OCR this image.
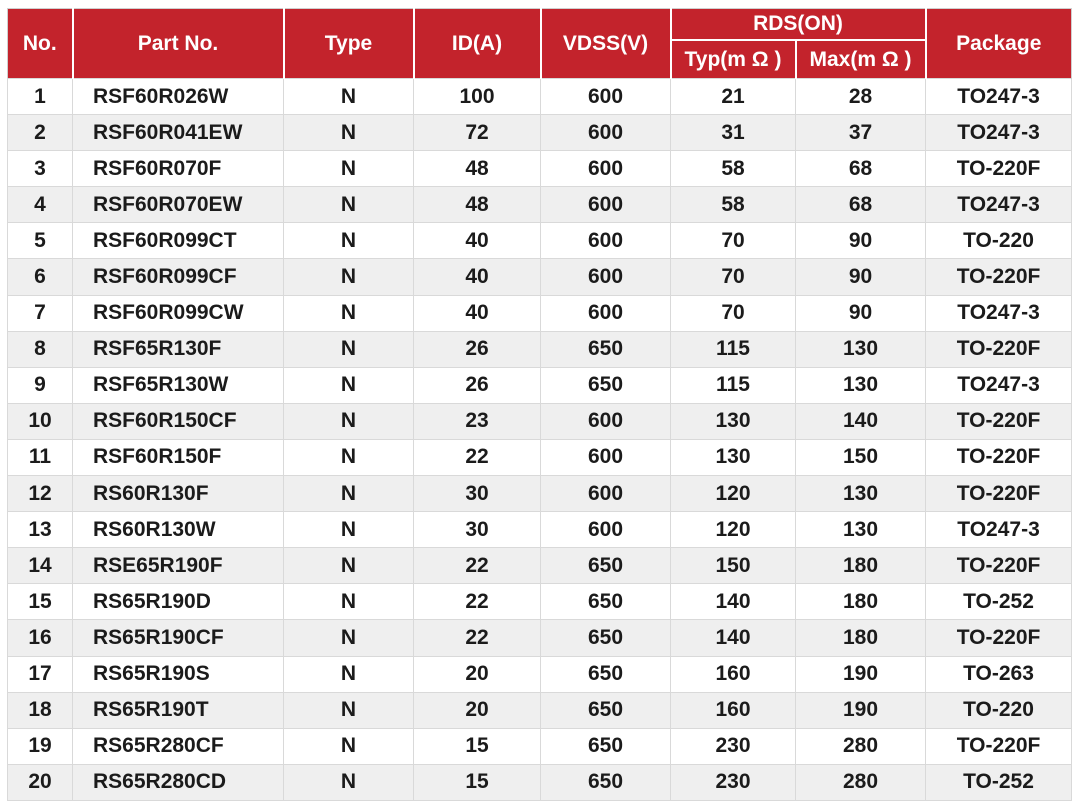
No.	Part No.	Type	ID(A)	VDSS(V)	RDS(ON)		Package
					Typ(m Ω )	Max(m Ω )	
1	RSF60R026W	N	100	600	21	28	TO247-3
2	RSF60R041EW	N	72	600	31	37	TO247-3
3	RSF60R070F	N	48	600	58	68	TO-220F
4	RSF60R070EW	N	48	600	58	68	TO247-3
5	RSF60R099CT	N	40	600	70	90	TO-220
6	RSF60R099CF	N	40	600	70	90	TO-220F
7	RSF60R099CW	N	40	600	70	90	TO247-3
8	RSF65R130F	N	26	650	115	130	TO-220F
9	RSF65R130W	N	26	650	115	130	TO247-3
10	RSF60R150CF	N	23	600	130	140	TO-220F
11	RSF60R150F	N	22	600	130	150	TO-220F
12	RS60R130F	N	30	600	120	130	TO-220F
13	RS60R130W	N	30	600	120	130	TO247-3
14	RSE65R190F	N	22	650	150	180	TO-220F
15	RS65R190D	N	22	650	140	180	TO-252
16	RS65R190CF	N	22	650	140	180	TO-220F
17	RS65R190S	N	20	650	160	190	TO-263
18	RS65R190T	N	20	650	160	190	TO-220
19	RS65R280CF	N	15	650	230	280	TO-220F
20	RS65R280CD	N	15	650	230	280	TO-252
